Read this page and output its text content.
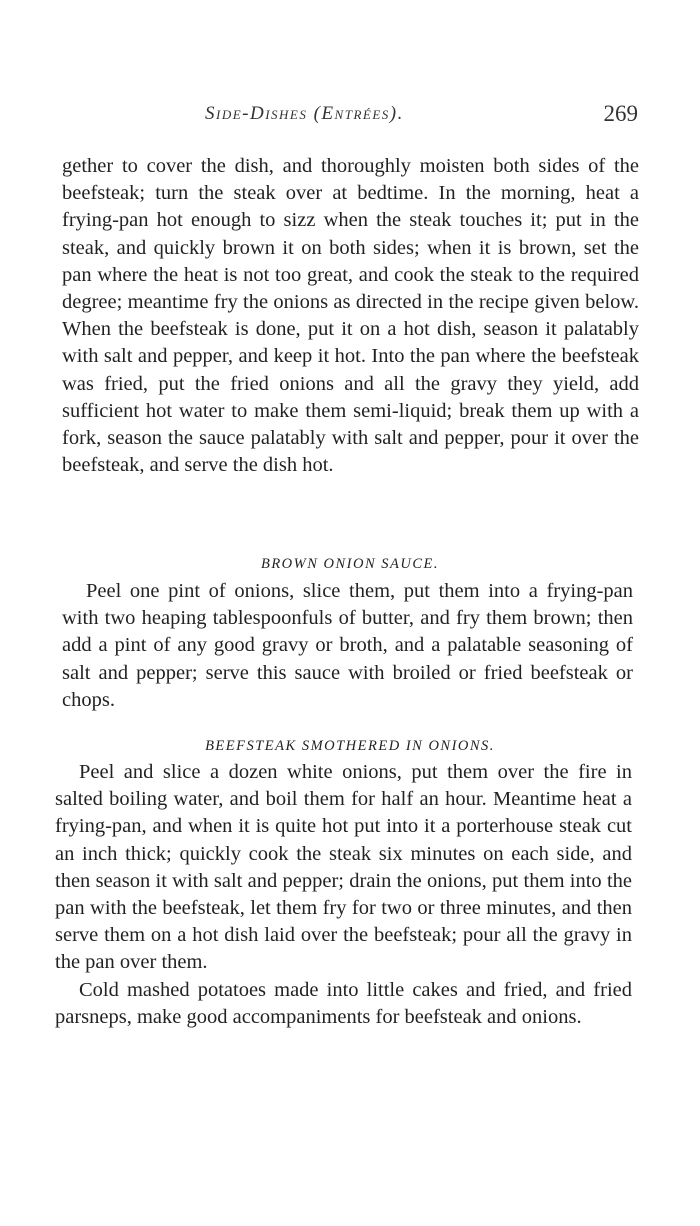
Side-Dishes (Entrées).	269

gether to cover the dish, and thoroughly moisten both sides of the beefsteak; turn the steak over at bedtime. In the morning, heat a frying-pan hot enough to sizz when the steak touches it; put in the steak, and quickly brown it on both sides; when it is brown, set the pan where the heat is not too great, and cook the steak to the required degree; meantime fry the onions as directed in the recipe given below. When the beefsteak is done, put it on a hot dish, season it palatably with salt and pepper, and keep it hot. Into the pan where the beefsteak was fried, put the fried onions and all the gravy they yield, add sufficient hot water to make them semi-liquid; break them up with a fork, season the sauce palatably with salt and pepper, pour it over the beefsteak, and serve the dish hot.

BROWN ONION SAUCE.

Peel one pint of onions, slice them, put them into a frying-pan with two heaping tablespoonfuls of butter, and fry them brown; then add a pint of any good gravy or broth, and a palatable seasoning of salt and pepper; serve this sauce with broiled or fried beefsteak or chops.

BEEFSTEAK SMOTHERED IN ONIONS.

Peel and slice a dozen white onions, put them over the fire in salted boiling water, and boil them for half an hour. Meantime heat a frying-pan, and when it is quite hot put into it a porterhouse steak cut an inch thick; quickly cook the steak six minutes on each side, and then season it with salt and pepper; drain the onions, put them into the pan with the beefsteak, let them fry for two or three minutes, and then serve them on a hot dish laid over the beefsteak; pour all the gravy in the pan over them.

Cold mashed potatoes made into little cakes and fried, and fried parsneps, make good accompaniments for beefsteak and onions.
